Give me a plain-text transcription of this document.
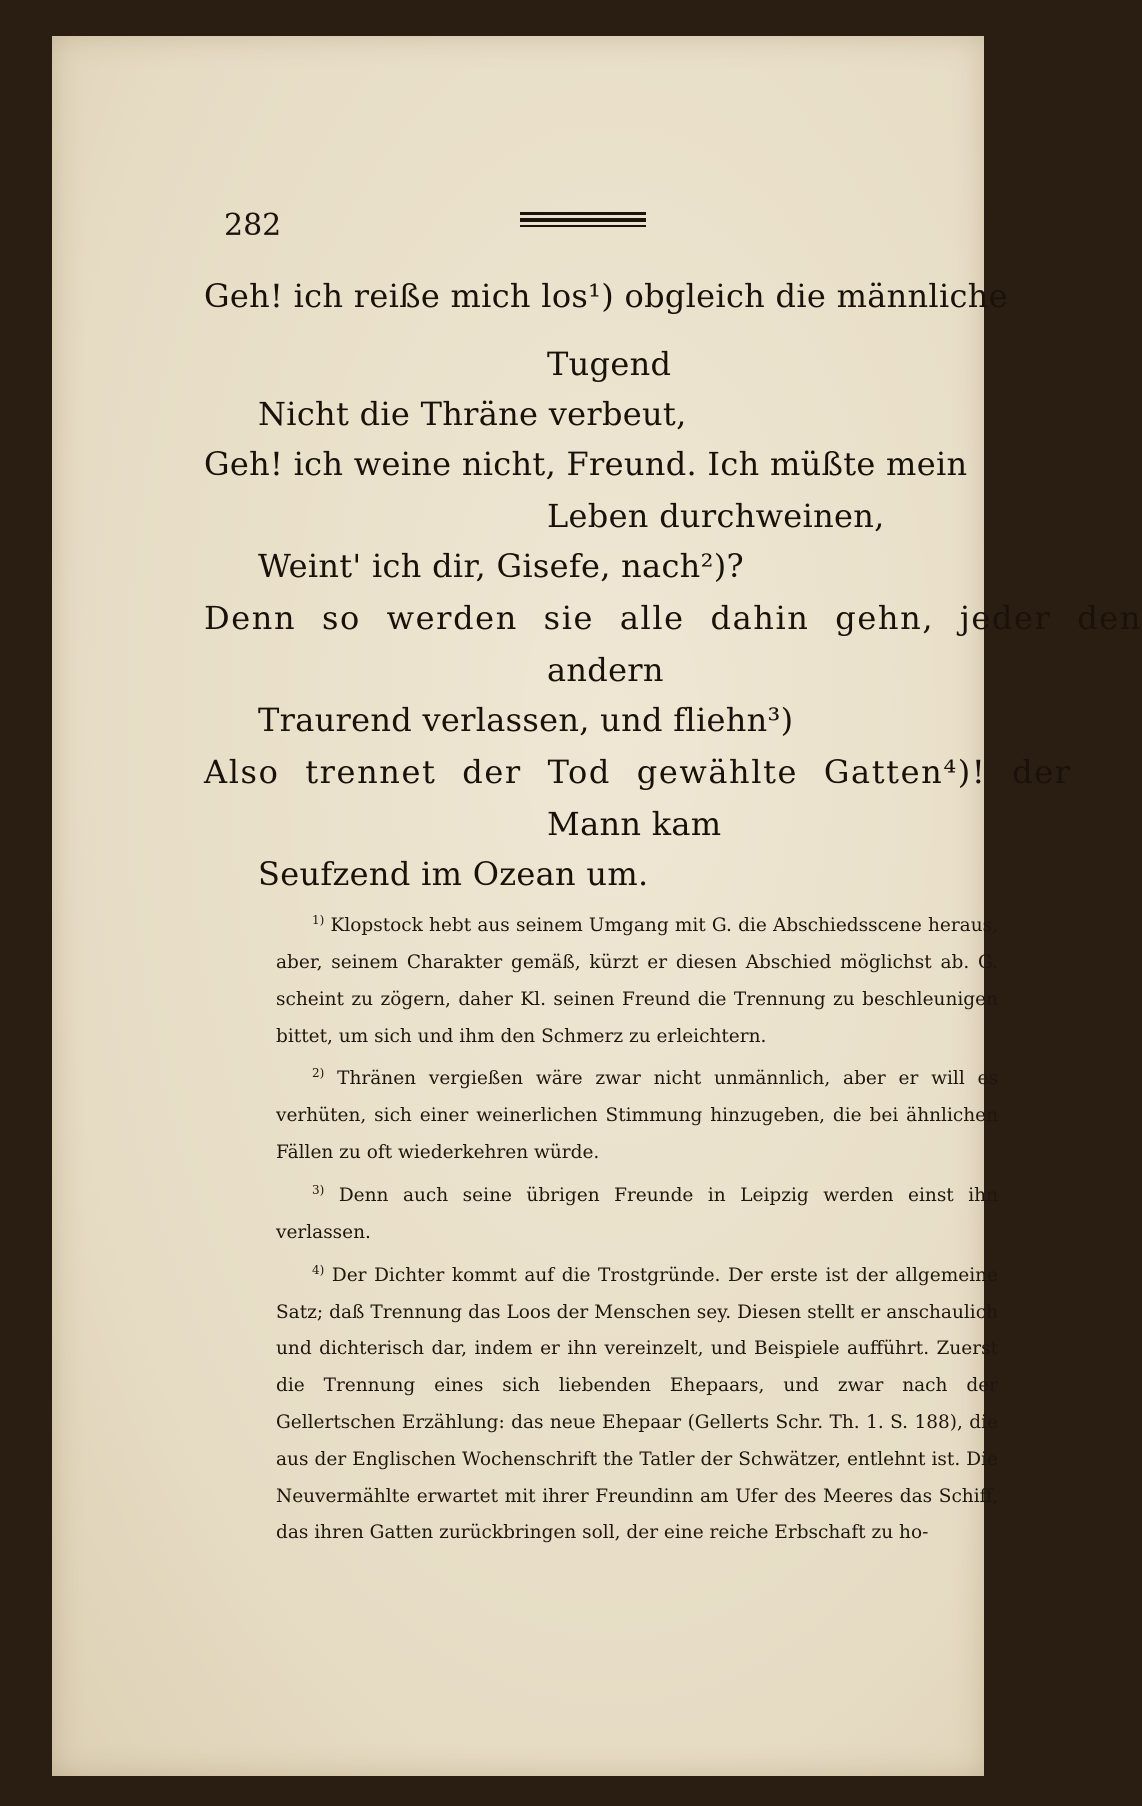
282
Geh! ich reiße mich los¹) obgleich die männliche
Tugend
Nicht die Thräne verbeut,
Geh! ich weine nicht, Freund. Ich müßte mein
Leben durchweinen,
Weint' ich dir, Gisefe, nach²)?
Denn so werden sie alle dahin gehn, jeder den
andern
Traurend verlassen, und fliehn³)
Also trennet der Tod gewählte Gatten⁴)! der
Mann kam
Seufzend im Ozean um.

$^{1)}$ Klopstock hebt aus seinem Umgang mit G. die Abschiedsscene heraus, aber, seinem Charakter gemäß, kürzt er diesen Abschied möglichst ab. G. scheint zu zögern, daher Kl. seinen Freund die Trennung zu beschleunigen bittet, um sich und ihm den Schmerz zu erleichtern.

$^{2)}$ Thränen vergießen wäre zwar nicht unmännlich, aber er will es verhüten, sich einer weinerlichen Stimmung hinzugeben, die bei ähnlichen Fällen zu oft wiederkehren würde.

$^{3)}$ Denn auch seine übrigen Freunde in Leipzig werden einst ihn verlassen.

$^{4)}$ Der Dichter kommt auf die Trostgründe. Der erste ist der allgemeine Satz; daß Trennung das Loos der Menschen sey. Diesen stellt er anschaulich und dichterisch dar, indem er ihn vereinzelt, und Beispiele aufführt. Zuerst die Trennung eines sich liebenden Ehepaars, und zwar nach der Gellertschen Erzählung: das neue Ehepaar (Gellerts Schr. Th. 1. S. 188), die aus der Englischen Wochenschrift the Tatler der Schwätzer, entlehnt ist. Die Neuvermählte erwartet mit ihrer Freundinn am Ufer des Meeres das Schiff, das ihren Gatten zurückbringen soll, der eine reiche Erbschaft zu ho-
